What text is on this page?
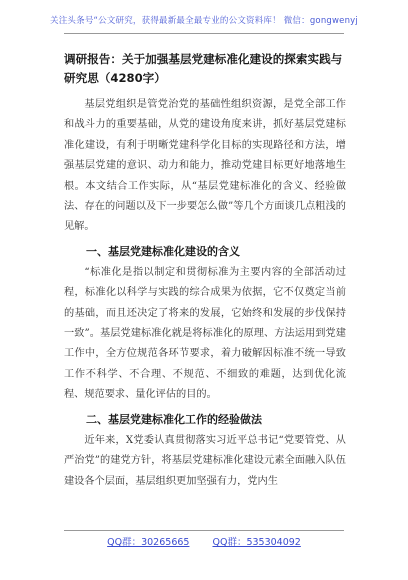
关注头条号“公文研究，获得最新最全最专业的公文资料库！ 微信：gongwenyj
调研报告：关于加强基层党建标准化建设的探索实践与研究思（4280字）

基层党组织是管党治党的基础性组织资源，是党全部工作和战斗力的重要基础，从党的建设角度来讲，抓好基层党建标准化建设，有利于明晰党建科学化目标的实现路径和方法，增强基层党建的意识、动力和能力，推动党建目标更好地落地生根。本文结合工作实际，从“基层党建标准化的含义、经验做法、存在的问题以及下一步要怎么做”等几个方面谈几点粗浅的见解。

一、基层党建标准化建设的含义

“标准化是指以制定和贯彻标准为主要内容的全部活动过程，标准化以科学与实践的综合成果为依据，它不仅奠定当前的基础，而且还决定了将来的发展，它始终和发展的步伐保持一致”。基层党建标准化就是将标准化的原理、方法运用到党建工作中，全方位规范各环节要求，着力破解因标准不统一导致工作不科学、不合理、不规范、不细致的难题，达到优化流程、规范要求、量化评估的目的。

二、基层党建标准化工作的经验做法

近年来，X党委认真贯彻落实习近平总书记“党要管党、从严治党”的建党方针，将基层党建标准化建设元素全面融入队伍建设各个层面，基层组织更加坚强有力，党内生

QQ群：30265665 QQ群：535304092
